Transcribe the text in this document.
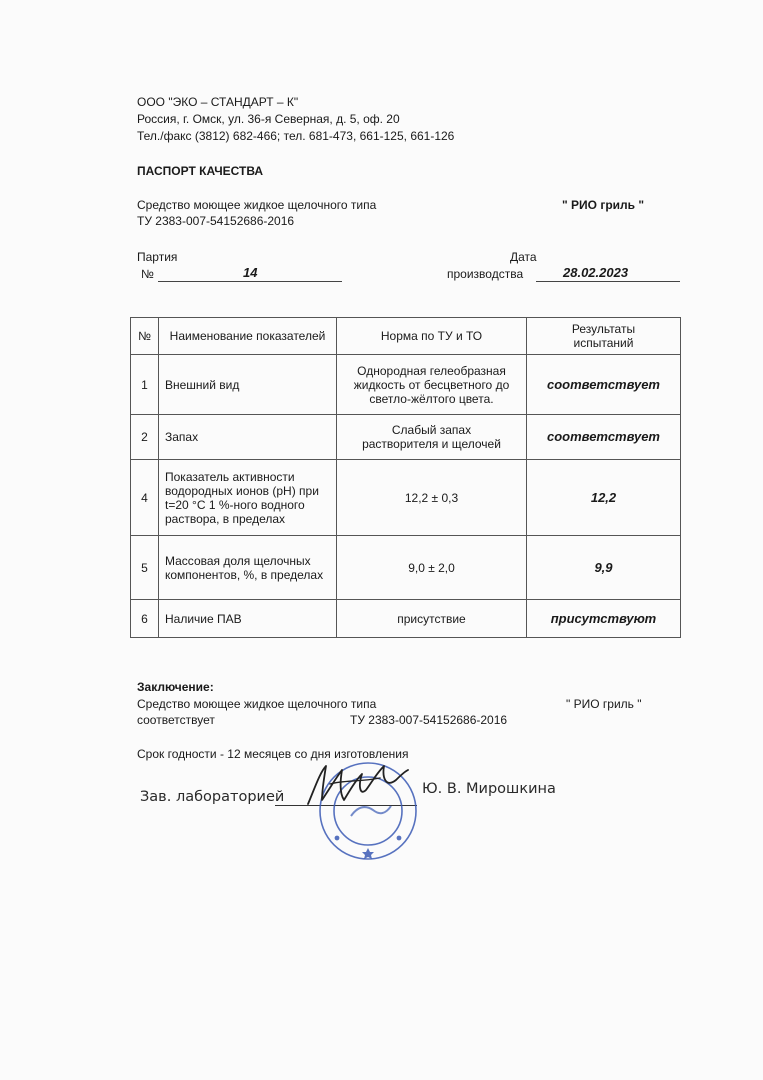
ООО "ЭКО – СТАНДАРТ – К"
Россия, г. Омск, ул. 36-я Северная, д. 5, оф. 20
Тел./факс (3812) 682-466; тел. 681-473, 661-125, 661-126
ПАСПОРТ КАЧЕСТВА
Средство моющее жидкое щелочного типа
ТУ 2383-007-54152686-2016
" РИО гриль "
Партия
№	14
Дата
производства	28.02.2023
№	Наименование показателей	Норма по ТУ и ТО	Результаты испытаний
1	Внешний вид	Однородная гелеобразная жидкость от бесцветного до светло-жёлтого цвета.	соответствует
2	Запах	Слабый запах растворителя и щелочей	соответствует
4	Показатель активности водородных ионов (pH) при t=20 °С 1 %-ного водного раствора, в пределах	12,2 ± 0,3	12,2
5	Массовая доля щелочных компонентов, %, в пределах	9,0 ± 2,0	9,9
6	Наличие ПАВ	присутствие	присутствуют
Заключение:
Средство моющее жидкое щелочного типа	" РИО гриль "
соответствует	ТУ 2383-007-54152686-2016
Срок годности - 12 месяцев со дня изготовления
Зав. лабораторией	Ю. В. Мирошкина
